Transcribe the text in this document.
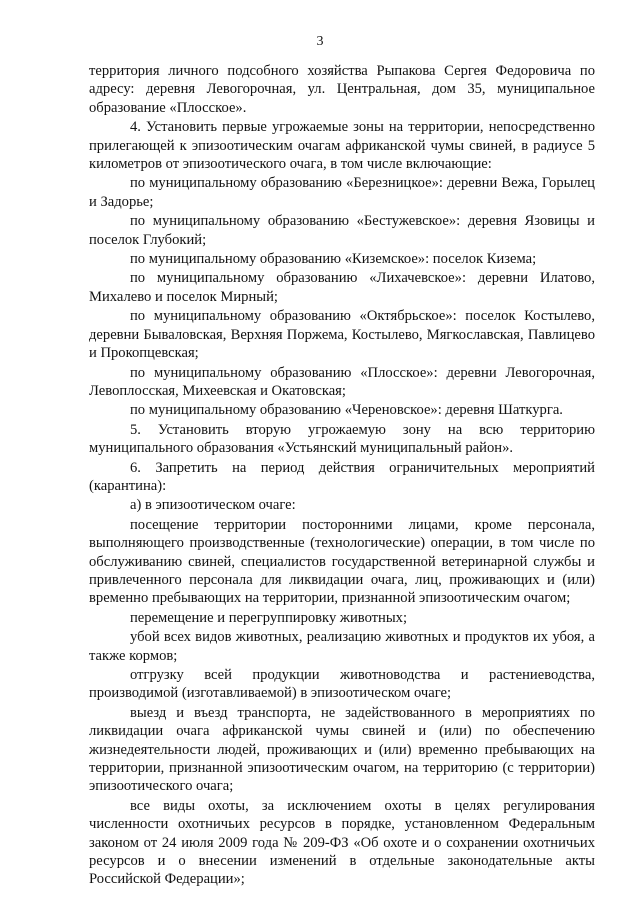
3

территория личного подсобного хозяйства Рыпакова Сергея Федоровича по адресу: деревня Левогорочная, ул. Центральная, дом 35, муниципальное образование «Плосское».

4. Установить первые угрожаемые зоны на территории, непосредственно прилегающей к эпизоотическим очагам африканской чумы свиней, в радиусе 5 километров от эпизоотического очага, в том числе включающие:

по муниципальному образованию «Березницкое»: деревни Вежа, Горылец и Задорье;

по муниципальному образованию «Бестужевское»: деревня Язовицы и поселок Глубокий;

по муниципальному образованию «Киземское»: поселок Кизема;

по муниципальному образованию «Лихачевское»: деревни Илатово, Михалево и поселок Мирный;

по муниципальному образованию «Октябрьское»: поселок Костылево, деревни Бываловская, Верхняя Поржема, Костылево, Мягкославская, Павлицево и Прокопцевская;

по муниципальному образованию «Плосское»: деревни Левогорочная, Левоплосская, Михеевская и Окатовская;

по муниципальному образованию «Череновское»: деревня Шаткурга.

5. Установить вторую угрожаемую зону на всю территорию муниципального образования «Устьянский муниципальный район».

6. Запретить на период действия ограничительных мероприятий (карантина):

а) в эпизоотическом очаге:

посещение территории посторонними лицами, кроме персонала, выполняющего производственные (технологические) операции, в том числе по обслуживанию свиней, специалистов государственной ветеринарной службы и привлеченного персонала для ликвидации очага, лиц, проживающих и (или) временно пребывающих на территории, признанной эпизоотическим очагом;

перемещение и перегруппировку животных;

убой всех видов животных, реализацию животных и продуктов их убоя, а также кормов;

отгрузку всей продукции животноводства и растениеводства, производимой (изготавливаемой) в эпизоотическом очаге;

выезд и въезд транспорта, не задействованного в мероприятиях по ликвидации очага африканской чумы свиней и (или) по обеспечению жизнедеятельности людей, проживающих и (или) временно пребывающих на территории, признанной эпизоотическим очагом, на территорию (с территории) эпизоотического очага;

все виды охоты, за исключением охоты в целях регулирования численности охотничьих ресурсов в порядке, установленном Федеральным законом от 24 июля 2009 года № 209-ФЗ «Об охоте и о сохранении охотничьих ресурсов и о внесении изменений в отдельные законодательные акты Российской Федерации»;
